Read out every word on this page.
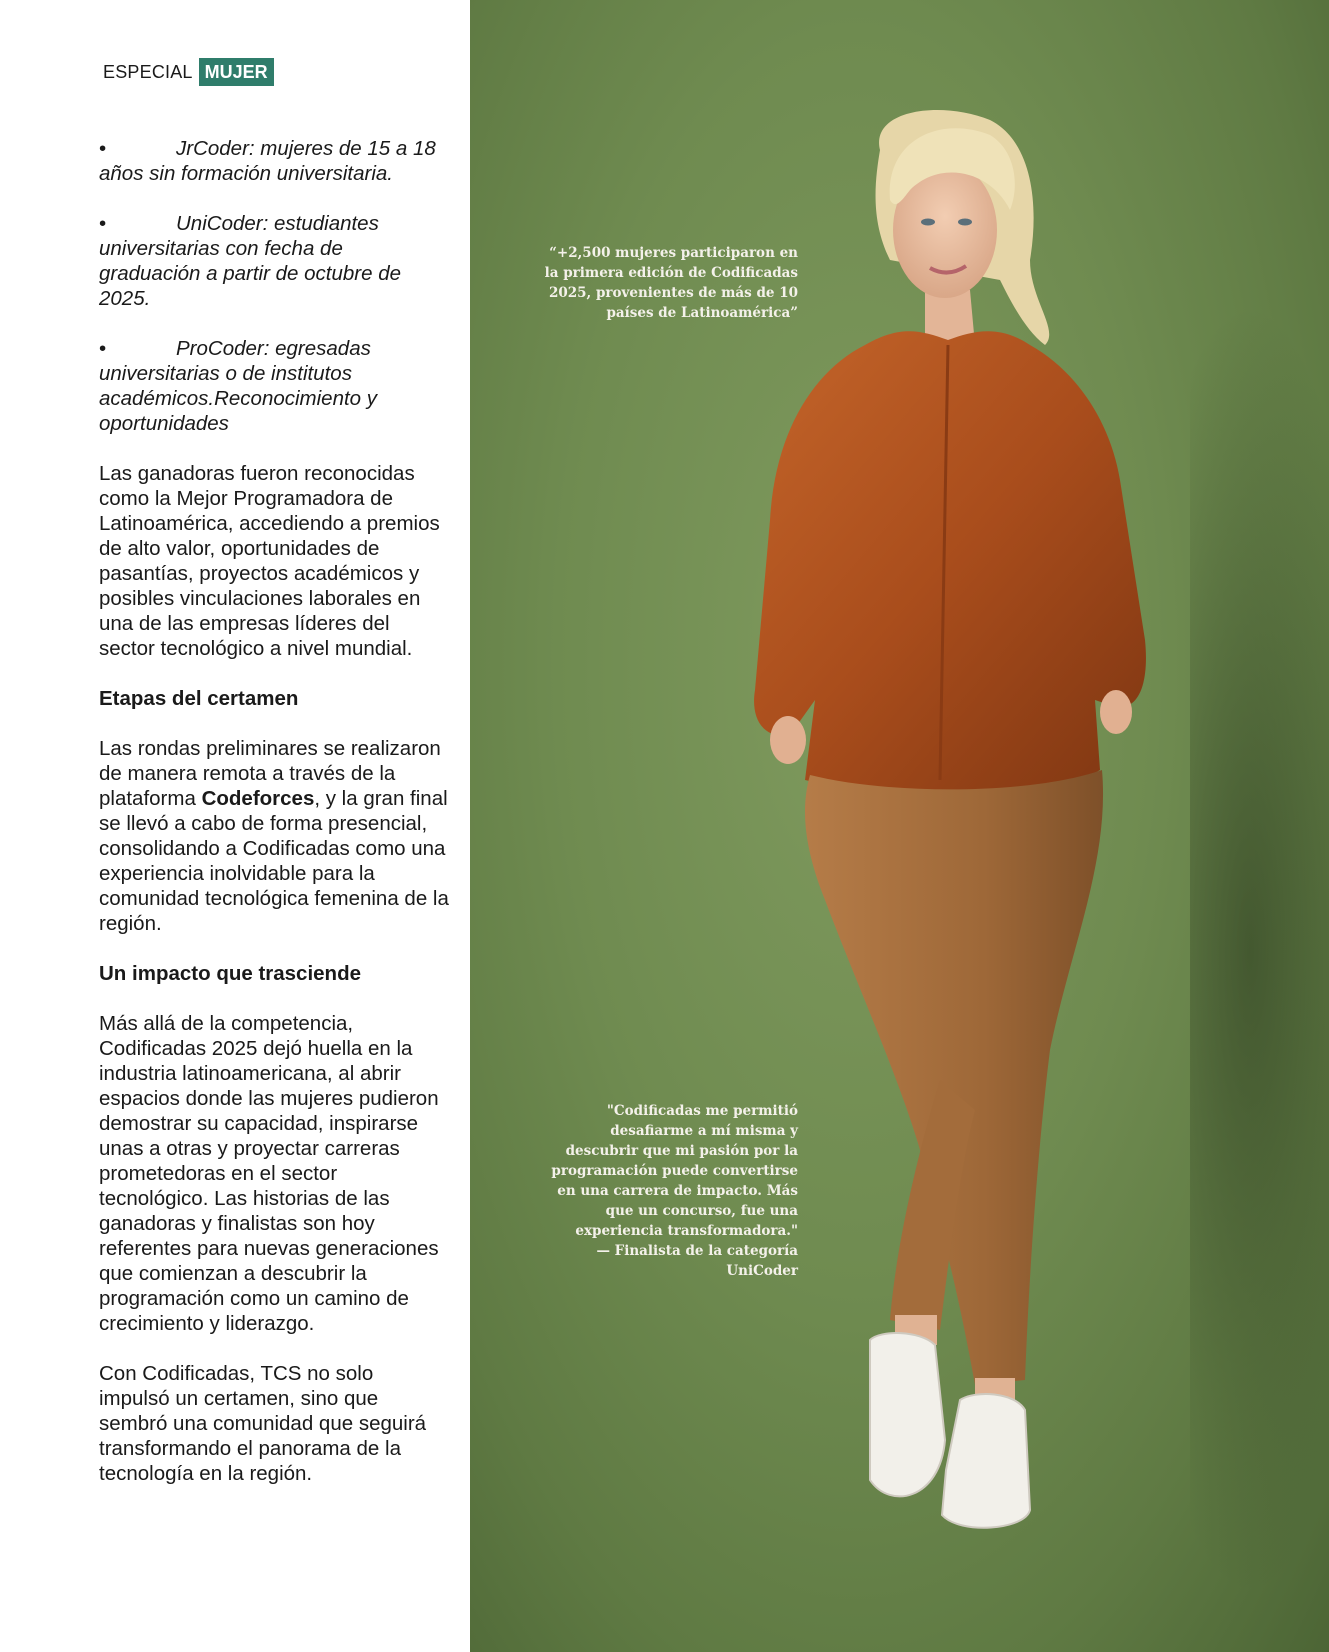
ESPECIAL MUJER
•	JrCoder: mujeres de 15 a 18 años sin formación universitaria.
•	UniCoder: estudiantes universitarias con fecha de graduación a partir de octubre de 2025.
•	ProCoder: egresadas universitarias o de institutos académicos.Reconocimiento y oportunidades

Las ganadoras fueron reconocidas como la Mejor Programadora de Latinoamérica, accediendo a premios de alto valor, oportunidades de pasantías, proyectos académicos y posibles vinculaciones laborales en una de las empresas líderes del sector tecnológico a nivel mundial.

Etapas del certamen

Las rondas preliminares se realizaron de manera remota a través de la plataforma Codeforces, y la gran final se llevó a cabo de forma presencial, consolidando a Codificadas como una experiencia inolvidable para la comunidad tecnológica femenina de la región.

Un impacto que trasciende

Más allá de la competencia, Codificadas 2025 dejó huella en la industria latinoamericana, al abrir espacios donde las mujeres pudieron demostrar su capacidad, inspirarse unas a otras y proyectar carreras prometedoras en el sector tecnológico. Las historias de las ganadoras y finalistas son hoy referentes para nuevas generaciones que comienzan a descubrir la programación como un camino de crecimiento y liderazgo.

Con Codificadas, TCS no solo impulsó un certamen, sino que sembró una comunidad que seguirá transformando el panorama de la tecnología en la región.

“+2,500 mujeres participaron en la primera edición de Codificadas 2025, provenientes de más de 10 países de Latinoamérica”
"Codificadas me permitió desafiarme a mí misma y descubrir que mi pasión por la programación puede convertirse en una carrera de impacto. Más que un concurso, fue una experiencia transformadora."
— Finalista de la categoría UniCoder
